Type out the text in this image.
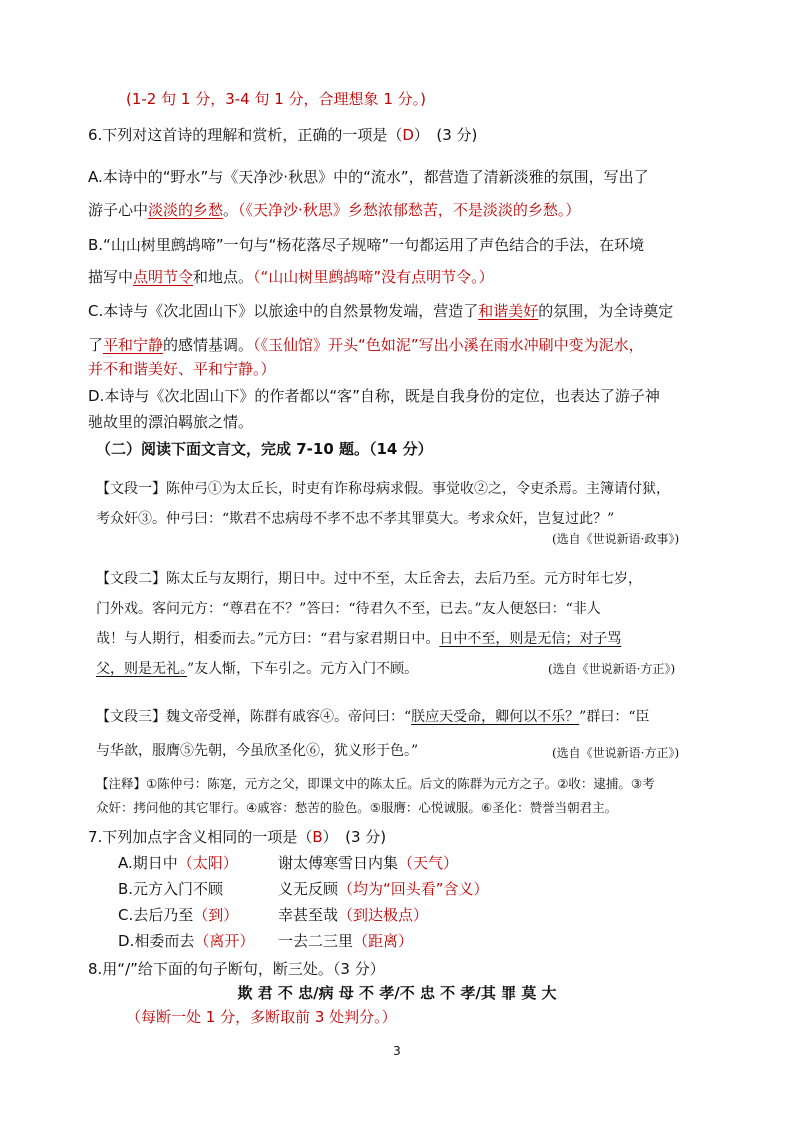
(1-2 句 1 分，3-4 句 1 分，合理想象 1 分。)
6.下列对这首诗的理解和赏析，正确的一项是（D）　(3 分)
A.本诗中的“野水”与《天净沙·秋思》中的“流水”，都营造了清新淡雅的氛围，写出了
游子心中淡淡的乡愁。（《天净沙·秋思》乡愁浓郁愁苦，不是淡淡的乡愁。）
B.“山山树里鹧鸪啼”一句与“杨花落尽子规啼”一句都运用了声色结合的手法，在环境
描写中点明节令和地点。（“山山树里鹧鸪啼”没有点明节令。）
C.本诗与《次北固山下》以旅途中的自然景物发端，营造了和谐美好的氛围，为全诗奠定
了平和宁静的感情基调。（《玉仙馆》开头“色如泥”写出小溪在雨水冲刷中变为泥水，
并不和谐美好、平和宁静。）
D.本诗与《次北固山下》的作者都以“客”自称，既是自我身份的定位，也表达了游子神
驰故里的漂泊羁旅之情。
（二）阅读下面文言文，完成 7-10 题。（14 分）
【文段一】陈仲弓①为太丘长，时吏有诈称母病求假。事觉收②之，令吏杀焉。主簿请付狱，
考众奸③。仲弓曰：“欺君不忠病母不孝不忠不孝其罪莫大。考求众奸，岂复过此？”
(选自《世说新语·政事》)
【文段二】陈太丘与友期行，期日中。过中不至，太丘舍去，去后乃至。元方时年七岁，
门外戏。客问元方：“尊君在不？”答曰：“待君久不至，已去。”友人便怒曰：“非人
哉！与人期行，相委而去。”元方曰：“君与家君期日中。日中不至，则是无信；对子骂
父，则是无礼。”友人惭，下车引之。元方入门不顾。	(选自《世说新语·方正》)
【文段三】魏文帝受禅，陈群有戚容④。帝问曰：“朕应天受命，卿何以不乐？”群曰：“臣
与华歆，服膺⑤先朝，今虽欣圣化⑥，犹义形于色。”	(选自《世说新语·方正》)
【注释】①陈仲弓：陈寔，元方之父，即课文中的陈太丘。后文的陈群为元方之子。②收：逮捕。③考
众奸：拷问他的其它罪行。④戚容：愁苦的脸色。⑤服膺：心悦诚服。⑥圣化：赞誉当朝君主。
7.下列加点字含义相同的一项是（B）　(3 分)
A.期日中（太阳）	谢太傅寒雪日内集（天气）
B.元方入门不顾	义无反顾（均为“回头看”含义）
C.去后乃至（到）	幸甚至哉（到达极点）
D.相委而去（离开） 一去二三里（距离）
8.用“/”给下面的句子断句，断三处。（3 分）
欺 君 不 忠/病 母 不 孝/不 忠 不 孝/其 罪 莫 大
（每断一处 1 分，多断取前 3 处判分。）
3
